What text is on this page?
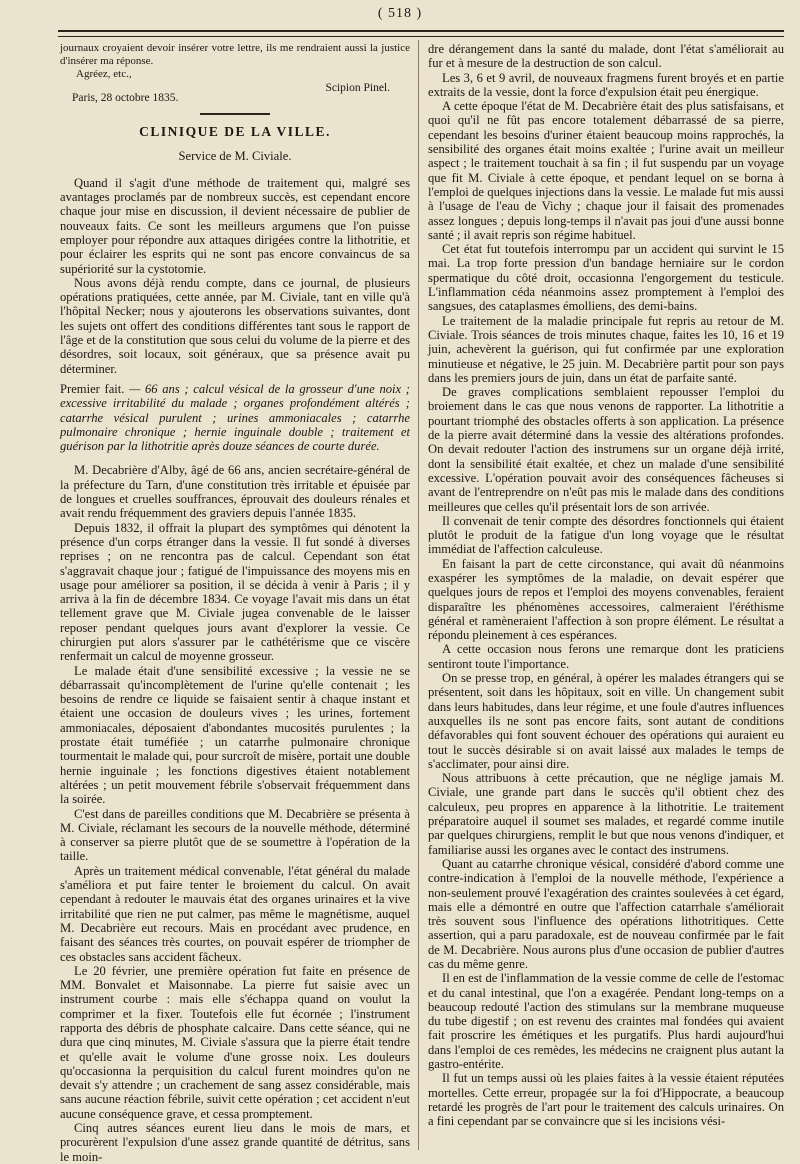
( 518 )

journaux croyaient devoir insérer votre lettre, ils me rendraient aussi la justice d'insérer ma réponse.

Agréez, etc.,

Paris, 28 octobre 1835.
Scipion Pinel.
CLINIQUE DE LA VILLE.
Service de M. Civiale.

Quand il s'agit d'une méthode de traitement qui, malgré ses avantages proclamés par de nombreux succès, est cependant encore chaque jour mise en discussion, il devient nécessaire de publier de nouveaux faits. Ce sont les meilleurs argumens que l'on puisse employer pour répondre aux attaques dirigées contre la lithotritie, et pour éclairer les esprits qui ne sont pas encore convaincus de sa supériorité sur la cystotomie.

Nous avons déjà rendu compte, dans ce journal, de plusieurs opérations pratiquées, cette année, par M. Civiale, tant en ville qu'à l'hôpital Necker; nous y ajouterons les observations suivantes, dont les sujets ont offert des conditions différentes tant sous le rapport de l'âge et de la constitution que sous celui du volume de la pierre et des désordres, soit locaux, soit généraux, que sa présence avait pu déterminer.

Premier fait. — 66 ans ; calcul vésical de la grosseur d'une noix ; excessive irritabilité du malade ; organes profondément altérés ; catarrhe vésical purulent ; urines ammoniacales ; catarrhe pulmonaire chronique ; hernie inguinale double ; traitement et guérison par la lithotritie après douze séances de courte durée.

M. Decabrière d'Alby, âgé de 66 ans, ancien secrétaire-général de la préfecture du Tarn, d'une constitution très irritable et épuisée par de longues et cruelles souffrances, éprouvait des douleurs rénales et avait rendu fréquemment des graviers depuis l'année 1835.

Depuis 1832, il offrait la plupart des symptômes qui dénotent la présence d'un corps étranger dans la vessie. Il fut sondé à diverses reprises ; on ne rencontra pas de calcul. Cependant son état s'aggravait chaque jour ; fatigué de l'impuissance des moyens mis en usage pour améliorer sa position, il se décida à venir à Paris ; il y arriva à la fin de décembre 1834. Ce voyage l'avait mis dans un état tellement grave que M. Civiale jugea convenable de le laisser reposer pendant quelques jours avant d'explorer la vessie. Ce chirurgien put alors s'assurer par le cathétérisme que ce viscère renfermait un calcul de moyenne grosseur.

Le malade était d'une sensibilité excessive ; la vessie ne se débarrassait qu'incomplètement de l'urine qu'elle contenait ; les besoins de rendre ce liquide se faisaient sentir à chaque instant et étaient une occasion de douleurs vives ; les urines, fortement ammoniacales, déposaient d'abondantes mucosités purulentes ; la prostate était tuméfiée ; un catarrhe pulmonaire chronique tourmentait le malade qui, pour surcroît de misère, portait une double hernie inguinale ; les fonctions digestives étaient notablement altérées ; un petit mouvement fébrile s'observait fréquemment dans la soirée.

C'est dans de pareilles conditions que M. Decabrière se présenta à M. Civiale, réclamant les secours de la nouvelle méthode, déterminé à conserver sa pierre plutôt que de se soumettre à l'opération de la taille.

Après un traitement médical convenable, l'état général du malade s'améliora et put faire tenter le broiement du calcul. On avait cependant à redouter le mauvais état des organes urinaires et la vive irritabilité que rien ne put calmer, pas même le magnétisme, auquel M. Decabrière eut recours. Mais en procédant avec prudence, en faisant des séances très courtes, on pouvait espérer de triompher de ces obstacles sans accident fâcheux.

Le 20 février, une première opération fut faite en présence de MM. Bonvalet et Maisonnabe. La pierre fut saisie avec un instrument courbe : mais elle s'échappa quand on voulut la comprimer et la fixer. Toutefois elle fut écornée ; l'instrument rapporta des débris de phosphate calcaire. Dans cette séance, qui ne dura que cinq minutes, M. Civiale s'assura que la pierre était tendre et qu'elle avait le volume d'une grosse noix. Les douleurs qu'occasionna la perquisition du calcul furent moindres qu'on ne devait s'y attendre ; un crachement de sang assez considérable, mais sans aucune réaction fébrile, suivit cette opération ; cet accident n'eut aucune conséquence grave, et cessa promptement.

Cinq autres séances eurent lieu dans le mois de mars, et procurèrent l'expulsion d'une assez grande quantité de détritus, sans le moin-

dre dérangement dans la santé du malade, dont l'état s'améliorait au fur et à mesure de la destruction de son calcul.

Les 3, 6 et 9 avril, de nouveaux fragmens furent broyés et en partie extraits de la vessie, dont la force d'expulsion était peu énergique.

A cette époque l'état de M. Decabrière était des plus satisfaisans, et quoi qu'il ne fût pas encore totalement débarrassé de sa pierre, cependant les besoins d'uriner étaient beaucoup moins rapprochés, la sensibilité des organes était moins exaltée ; l'urine avait un meilleur aspect ; le traitement touchait à sa fin ; il fut suspendu par un voyage que fit M. Civiale à cette époque, et pendant lequel on se borna à l'emploi de quelques injections dans la vessie. Le malade fut mis aussi à l'usage de l'eau de Vichy ; chaque jour il faisait des promenades assez longues ; depuis long-temps il n'avait pas joui d'une aussi bonne santé ; il avait repris son régime habituel.

Cet état fut toutefois interrompu par un accident qui survint le 15 mai. La trop forte pression d'un bandage herniaire sur le cordon spermatique du côté droit, occasionna l'engorgement du testicule. L'inflammation céda néanmoins assez promptement à l'emploi des sangsues, des cataplasmes émolliens, des demi-bains.

Le traitement de la maladie principale fut repris au retour de M. Civiale. Trois séances de trois minutes chaque, faites les 10, 16 et 19 juin, achevèrent la guérison, qui fut confirmée par une exploration minutieuse et négative, le 25 juin. M. Decabrière partit pour son pays dans les premiers jours de juin, dans un état de parfaite santé.

De graves complications semblaient repousser l'emploi du broiement dans le cas que nous venons de rapporter. La lithotritie a pourtant triomphé des obstacles offerts à son application. La présence de la pierre avait déterminé dans la vessie des altérations profondes. On devait redouter l'action des instrumens sur un organe déjà irrité, dont la sensibilité était exaltée, et chez un malade d'une sensibilité excessive. L'opération pouvait avoir des conséquences fâcheuses si avant de l'entreprendre on n'eût pas mis le malade dans des conditions meilleures que celles qu'il présentait lors de son arrivée.

Il convenait de tenir compte des désordres fonctionnels qui étaient plutôt le produit de la fatigue d'un long voyage que le résultat immédiat de l'affection calculeuse.

En faisant la part de cette circonstance, qui avait dû néanmoins exaspérer les symptômes de la maladie, on devait espérer que quelques jours de repos et l'emploi des moyens convenables, feraient disparaître les phénomènes accessoires, calmeraient l'éréthisme général et ramèneraient l'affection à son propre élément. Le résultat a répondu pleinement à ces espérances.

A cette occasion nous ferons une remarque dont les praticiens sentiront toute l'importance.

On se presse trop, en général, à opérer les malades étrangers qui se présentent, soit dans les hôpitaux, soit en ville. Un changement subit dans leurs habitudes, dans leur régime, et une foule d'autres influences auxquelles ils ne sont pas encore faits, sont autant de conditions défavorables qui font souvent échouer des opérations qui auraient eu tout le succès désirable si on avait laissé aux malades le temps de s'acclimater, pour ainsi dire.

Nous attribuons à cette précaution, que ne néglige jamais M. Civiale, une grande part dans le succès qu'il obtient chez des calculeux, peu propres en apparence à la lithotritie. Le traitement préparatoire auquel il soumet ses malades, et regardé comme inutile par quelques chirurgiens, remplit le but que nous venons d'indiquer, et familiarise aussi les organes avec le contact des instrumens.

Quant au catarrhe chronique vésical, considéré d'abord comme une contre-indication à l'emploi de la nouvelle méthode, l'expérience a non-seulement prouvé l'exagération des craintes soulevées à cet égard, mais elle a démontré en outre que l'affection catarrhale s'améliorait très souvent sous l'influence des opérations lithotritiques. Cette assertion, qui a paru paradoxale, est de nouveau confirmée par le fait de M. Decabrière. Nous aurons plus d'une occasion de publier d'autres cas du même genre.

Il en est de l'inflammation de la vessie comme de celle de l'estomac et du canal intestinal, que l'on a exagérée. Pendant long-temps on a beaucoup redouté l'action des stimulans sur la membrane muqueuse du tube digestif ; on est revenu des craintes mal fondées qui avaient fait proscrire les émétiques et les purgatifs. Plus hardi aujourd'hui dans l'emploi de ces remèdes, les médecins ne craignent plus autant la gastro-entérite.

Il fut un temps aussi où les plaies faites à la vessie étaient réputées mortelles. Cette erreur, propagée sur la foi d'Hippocrate, a beaucoup retardé les progrès de l'art pour le traitement des calculs urinaires. On a fini cependant par se convaincre que si les incisions vési-
